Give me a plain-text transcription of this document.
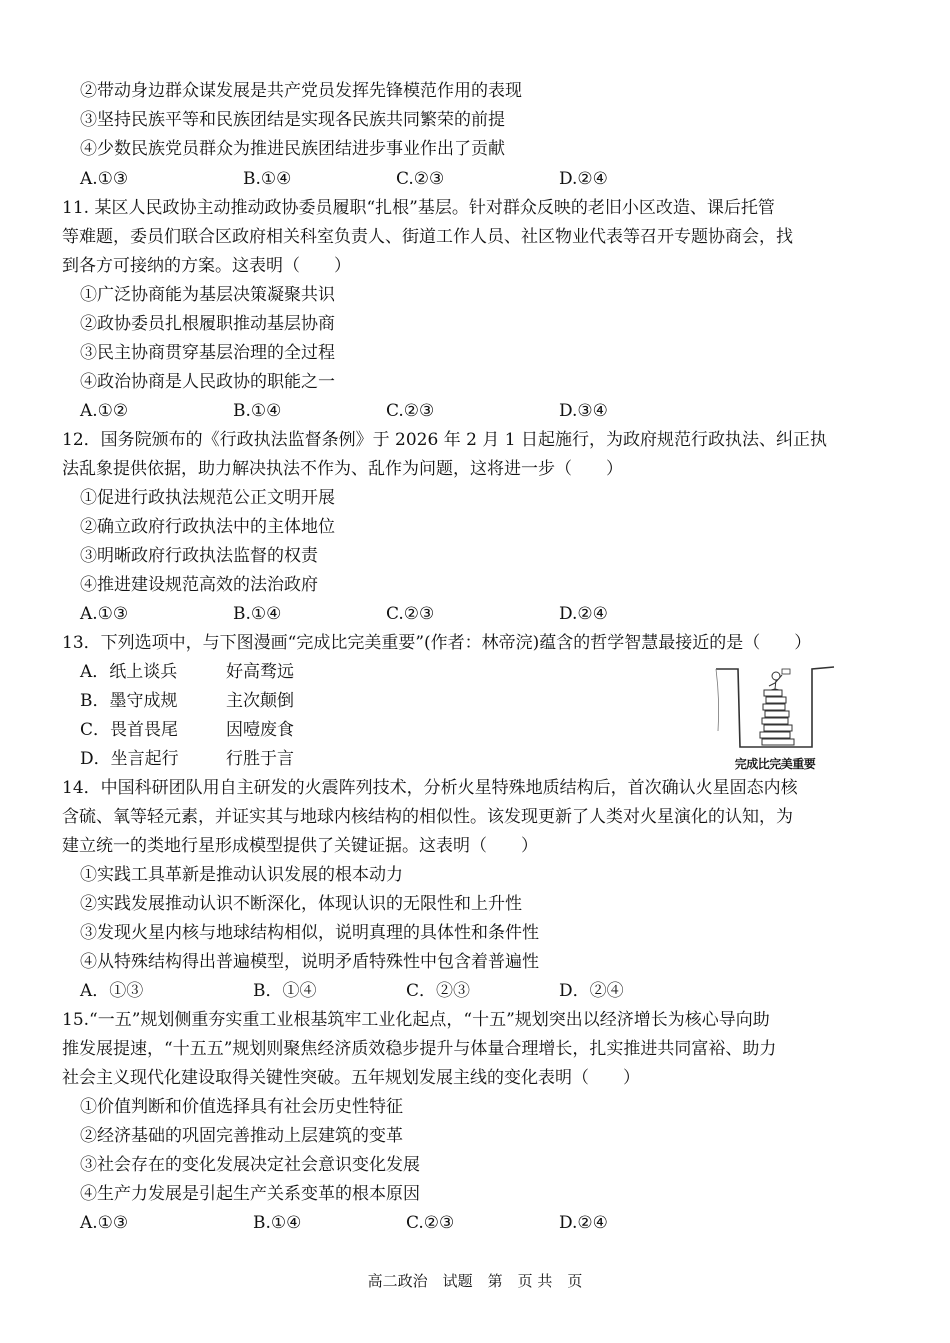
②带动身边群众谋发展是共产党员发挥先锋模范作用的表现
③坚持民族平等和民族团结是实现各民族共同繁荣的前提
④少数民族党员群众为推进民族团结进步事业作出了贡献
A.①③	B.①④	C.②③	D.②④
11. 某区人民政协主动推动政协委员履职“扎根”基层。针对群众反映的老旧小区改造、课后托管
等难题，委员们联合区政府相关科室负责人、街道工作人员、社区物业代表等召开专题协商会，找
到各方可接纳的方案。这表明（　　）
①广泛协商能为基层决策凝聚共识
②政协委员扎根履职推动基层协商
③民主协商贯穿基层治理的全过程
④政治协商是人民政协的职能之一
A.①②	B.①④	C.②③	D.③④
12．国务院颁布的《行政执法监督条例》于 2026 年 2 月 1 日起施行，为政府规范行政执法、纠正执
法乱象提供依据，助力解决执法不作为、乱作为问题，这将进一步（　　）
①促进行政执法规范公正文明开展
②确立政府行政执法中的主体地位
③明晰政府行政执法监督的权责
④推进建设规范高效的法治政府
A.①③	B.①④	C.②③	D.②④
13．下列选项中，与下图漫画“完成比完美重要”(作者：林帝浣)蕴含的哲学智慧最接近的是（　　）
A．纸上谈兵	好高骛远
B．墨守成规	主次颠倒
C．畏首畏尾	因噎废食
D．坐言起行	行胜于言	完成比完美重要
14．中国科研团队用自主研发的火震阵列技术，分析火星特殊地质结构后，首次确认火星固态内核
含硫、氧等轻元素，并证实其与地球内核结构的相似性。该发现更新了人类对火星演化的认知，为
建立统一的类地行星形成模型提供了关键证据。这表明（　　）
①实践工具革新是推动认识发展的根本动力
②实践发展推动认识不断深化，体现认识的无限性和上升性
③发现火星内核与地球结构相似，说明真理的具体性和条件性
④从特殊结构得出普遍模型，说明矛盾特殊性中包含着普遍性
A．①③	B．①④	C．②③	D．②④
15.“一五”规划侧重夯实重工业根基筑牢工业化起点，“十五”规划突出以经济增长为核心导向助
推发展提速，“十五五”规划则聚焦经济质效稳步提升与体量合理增长，扎实推进共同富裕、助力
社会主义现代化建设取得关键性突破。五年规划发展主线的变化表明（　　）
①价值判断和价值选择具有社会历史性特征
②经济基础的巩固完善推动上层建筑的变革
③社会存在的变化发展决定社会意识变化发展
④生产力发展是引起生产关系变革的根本原因
A.①③	B.①④	C.②③	D.②④
高二政治　试题　第　页 共　页
